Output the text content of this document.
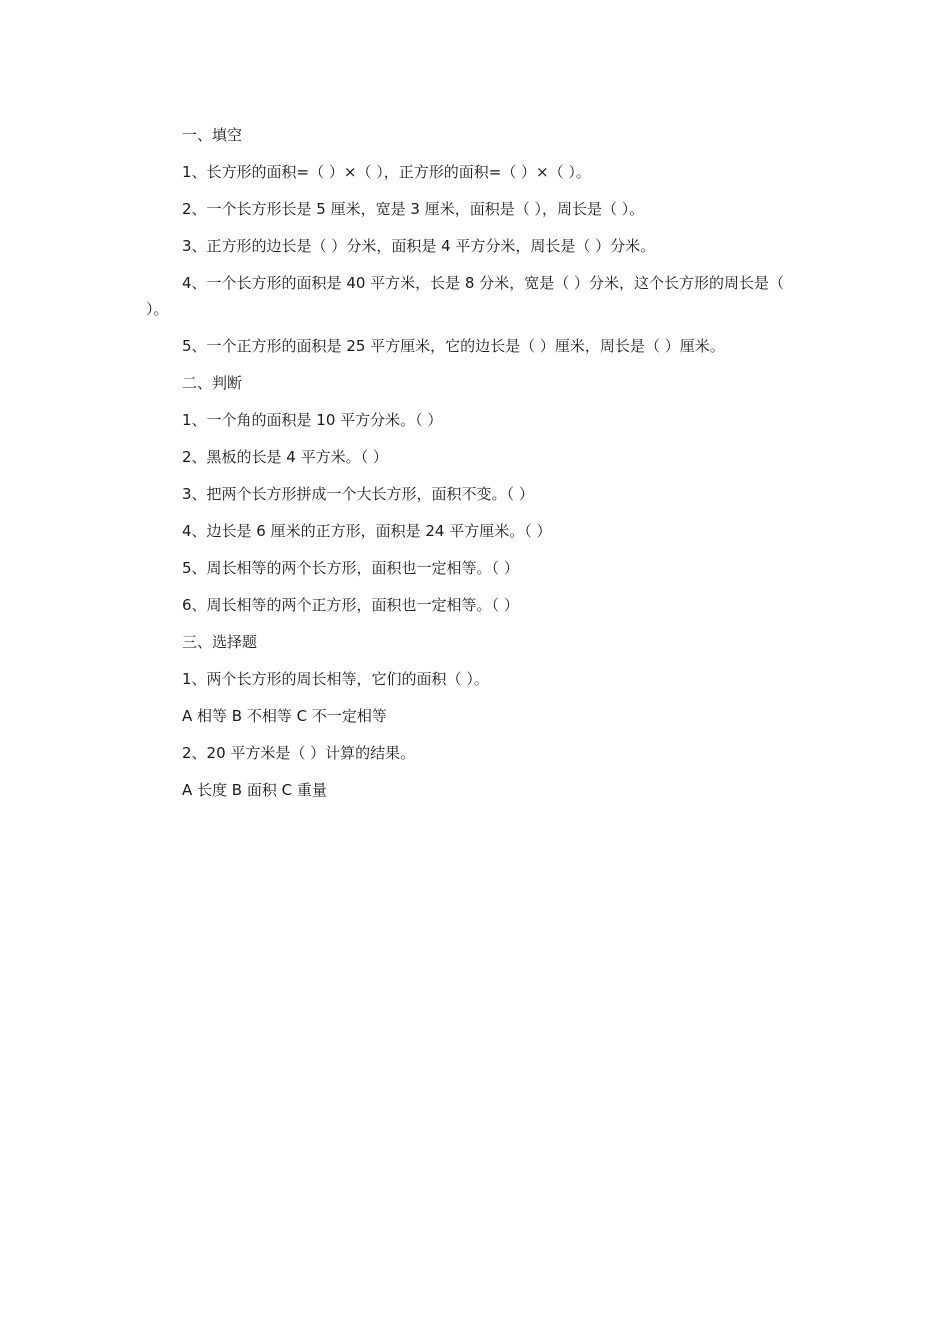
一、填空
1、长方形的面积=（ ）×（ ），正方形的面积=（ ）×（ ）。
2、一个长方形长是 5 厘米，宽是 3 厘米，面积是（ ），周长是（ ）。
3、正方形的边长是（ ）分米，面积是 4 平方分米，周长是（ ）分米。
4、一个长方形的面积是 40 平方米，长是 8 分米，宽是（ ）分米，这个长方形的周长是（ ）。
5、一个正方形的面积是 25 平方厘米，它的边长是（ ）厘米，周长是（ ）厘米。
二、判断
1、一个角的面积是 10 平方分米。（ ）
2、黑板的长是 4 平方米。（ ）
3、把两个长方形拼成一个大长方形，面积不变。（ ）
4、边长是 6 厘米的正方形，面积是 24 平方厘米。（ ）
5、周长相等的两个长方形，面积也一定相等。（ ）
6、周长相等的两个正方形，面积也一定相等。（ ）
三、选择题
1、两个长方形的周长相等，它们的面积（ ）。
A 相等 B 不相等 C 不一定相等
2、20 平方米是（ ）计算的结果。
A 长度 B 面积 C 重量
